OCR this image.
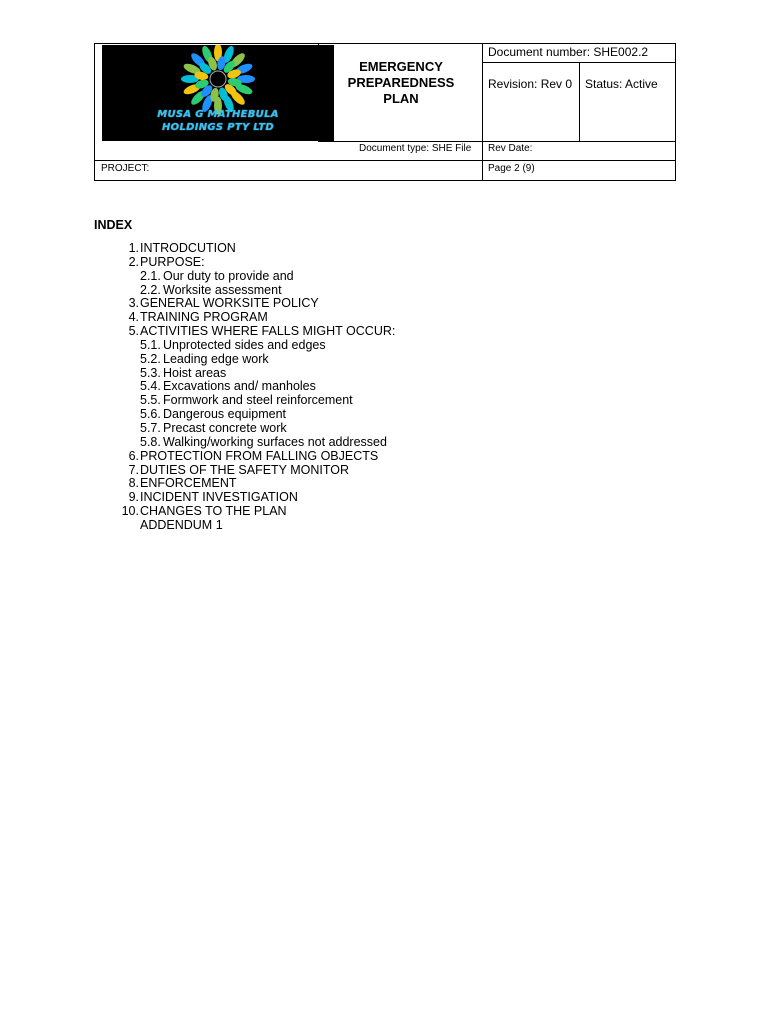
MUSA G MATHEBULA
HOLDINGS PTY LTD
EMERGENCY
PREPAREDNESS
PLAN
Document number: SHE002.2
Revision: Rev 0 Status: Active
Document type: SHE File Rev Date:
PROJECT:	Page 2 (9)
INDEX
1. INTRODCUTION
2. PURPOSE:
2.1. Our duty to provide and
2.2. Worksite assessment
3. GENERAL WORKSITE POLICY
4. TRAINING PROGRAM
5. ACTIVITIES WHERE FALLS MIGHT OCCUR:
5.1. Unprotected sides and edges
5.2. Leading edge work
5.3. Hoist areas
5.4. Excavations and/ manholes
5.5. Formwork and steel reinforcement
5.6. Dangerous equipment
5.7. Precast concrete work
5.8. Walking/working surfaces not addressed
6. PROTECTION FROM FALLING OBJECTS
7. DUTIES OF THE SAFETY MONITOR
8. ENFORCEMENT
9. INCIDENT INVESTIGATION
10. CHANGES TO THE PLAN
ADDENDUM 1
